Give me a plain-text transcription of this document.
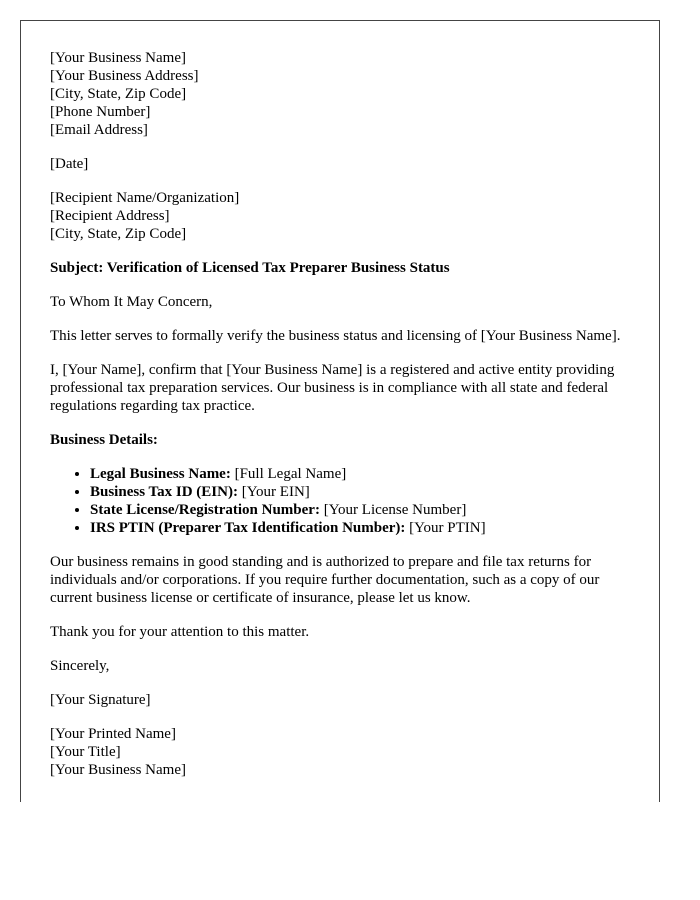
[Your Business Name]
[Your Business Address]
[City, State, Zip Code]
[Phone Number]
[Email Address]

[Date]

[Recipient Name/Organization]
[Recipient Address]
[City, State, Zip Code]

Subject: Verification of Licensed Tax Preparer Business Status

To Whom It May Concern,

This letter serves to formally verify the business status and licensing of [Your Business Name].

I, [Your Name], confirm that [Your Business Name] is a registered and active entity providing professional tax preparation services. Our business is in compliance with all state and federal regulations regarding tax practice.

Business Details:

• Legal Business Name: [Full Legal Name]
• Business Tax ID (EIN): [Your EIN]
• State License/Registration Number: [Your License Number]
• IRS PTIN (Preparer Tax Identification Number): [Your PTIN]

Our business remains in good standing and is authorized to prepare and file tax returns for individuals and/or corporations. If you require further documentation, such as a copy of our current business license or certificate of insurance, please let us know.

Thank you for your attention to this matter.

Sincerely,

[Your Signature]

[Your Printed Name]
[Your Title]
[Your Business Name]
